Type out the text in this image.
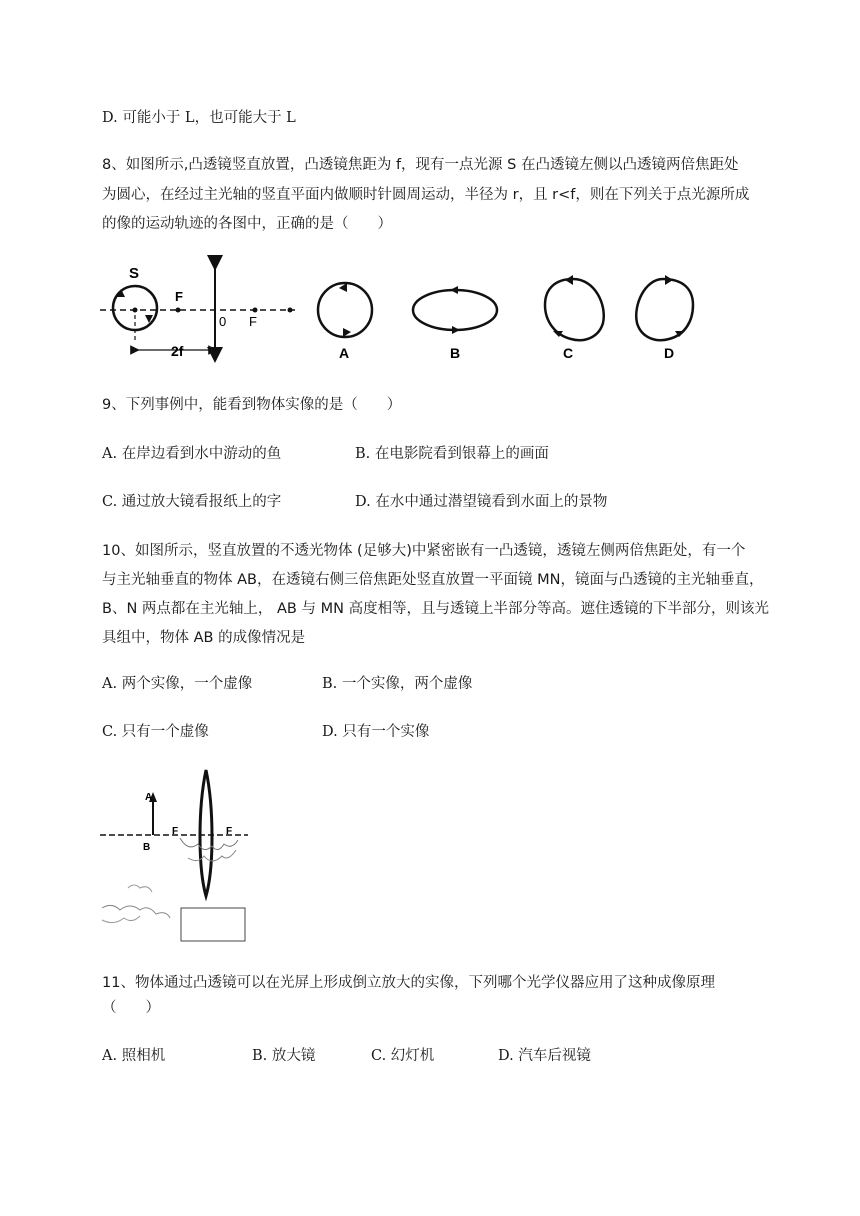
D. 可能小于 L，也可能大于 L
8、如图所示,凸透镜竖直放置，凸透镜焦距为 f，现有一点光源 S 在凸透镜左侧以凸透镜两倍焦距处
为圆心，在经过主光轴的竖直平面内做顺时针圆周运动，半径为 r，且 r<f，则在下列关于点光源所成
的像的运动轨迹的各图中，正确的是（　　）
S
F
0 F
2f	A	B	C	D
9、下列事例中，能看到物体实像的是（　　）
A. 在岸边看到水中游动的鱼	B. 在电影院看到银幕上的画面
C. 通过放大镜看报纸上的字	D. 在水中通过潜望镜看到水面上的景物
10、如图所示，竖直放置的不透光物体 (足够大)中紧密嵌有一凸透镜，透镜左侧两倍焦距处，有一个
与主光轴垂直的物体 AB，在透镜右侧三倍焦距处竖直放置一平面镜 MN，镜面与凸透镜的主光轴垂直，
B、N 两点都在主光轴上， AB 与 MN 高度相等，且与透镜上半部分等高。遮住透镜的下半部分，则该光
具组中，物体 AB 的成像情况是
A. 两个实像，一个虚像	B. 一个实像，两个虚像
C. 只有一个虚像	D. 只有一个实像
A
B
F	F
11、物体通过凸透镜可以在光屏上形成倒立放大的实像，下列哪个光学仪器应用了这种成像原理
（　　）
A. 照相机	B. 放大镜	C. 幻灯机	D. 汽车后视镜
